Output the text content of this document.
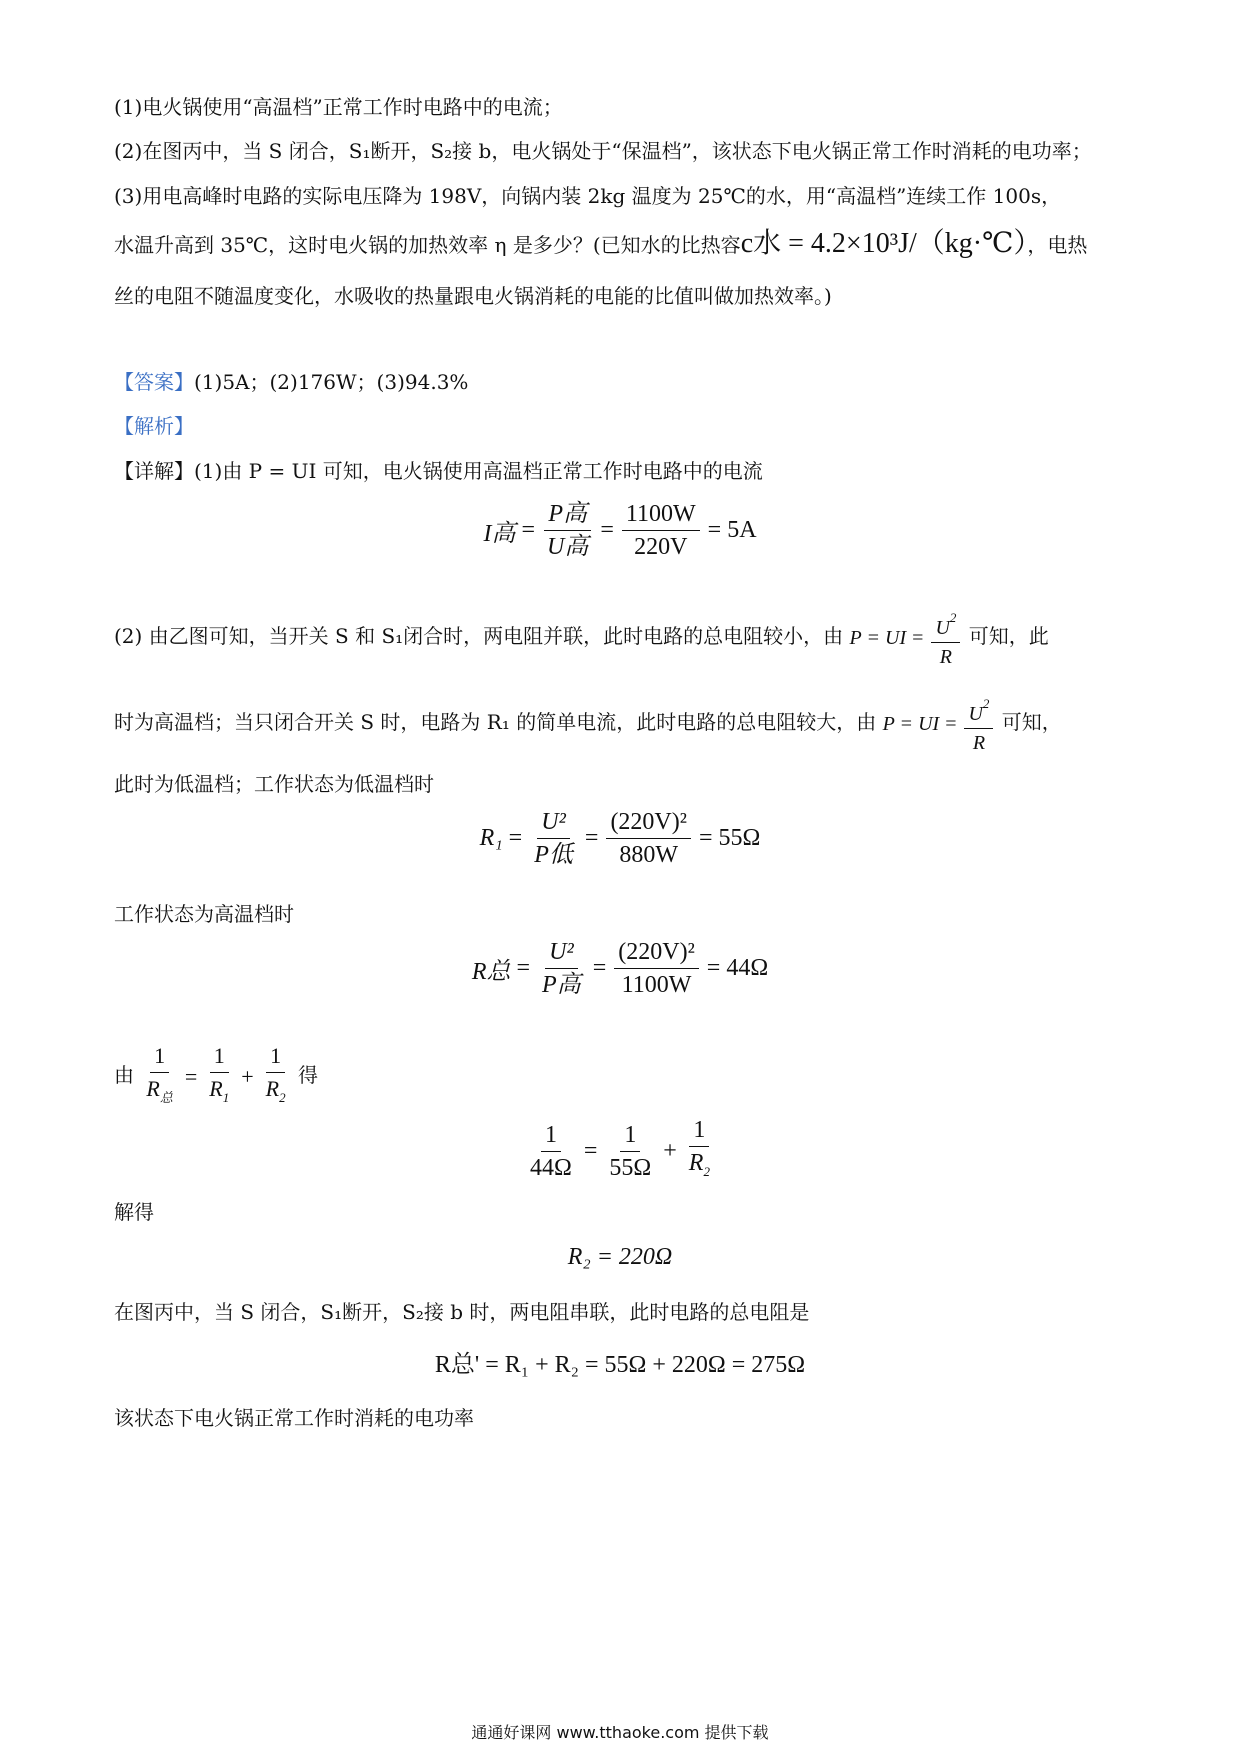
(1)电火锅使用“高温档”正常工作时电路中的电流；
(2)在图丙中，当 S 闭合，S₁断开，S₂接 b，电火锅处于“保温档”，该状态下电火锅正常工作时消耗的电功率；
(3)用电高峰时电路的实际电压降为 198V，向锅内装 2kg 温度为 25℃的水，用“高温档”连续工作 100s，
水温升高到 35℃，这时电火锅的加热效率 η 是多少？(已知水的比热容c水 = 4.2×10³J/（kg·℃），电热
丝的电阻不随温度变化，水吸收的热量跟电火锅消耗的电能的比值叫做加热效率。)
【答案】(1)5A；(2)176W；(3)94.3%
【解析】
【详解】(1)由 P = UI 可知，电火锅使用高温档正常工作时电路中的电流
I高 = $\frac{\text{P高}}{\text{U高}} = \frac{1100W}{220V} = 5A$
(2) 由乙图可知，当开关 S 和 S₁闭合时，两电阻并联，此时电路的总电阻较小，由 P = UI = $\frac{U^2}{R}$ 可知，此
时为高温档；当只闭合开关 S 时，电路为 R₁ 的简单电流，此时电路的总电阻较大，由 P = UI = $\frac{U^2}{R}$ 可知，
此时为低温档；工作状态为低温档时
$R_1 = \frac{\text{U²}}{\text{P低}} = \frac{\text{(220V)²}}{880W} = 55\Omega$
工作状态为高温档时
R总 = $\frac{\text{U²}}{\text{P高}} = \frac{\text{(220V)²}}{1100W} = 44\Omega$
由 $\frac{1}{R_总} = \frac{1}{R_1} + \frac{1}{R_2}$ 得
$\frac{1}{44\Omega} = \frac{1}{55\Omega} + \frac{1}{R_2}$
解得
R₂ = 220Ω
在图丙中，当 S 闭合，S₁断开，S₂接 b 时，两电阻串联，此时电路的总电阻是
R总' = R₁ + R₂ = 55Ω + 220Ω = 275Ω
该状态下电火锅正常工作时消耗的电功率
通通好课网 www.tthaoke.com 提供下载
